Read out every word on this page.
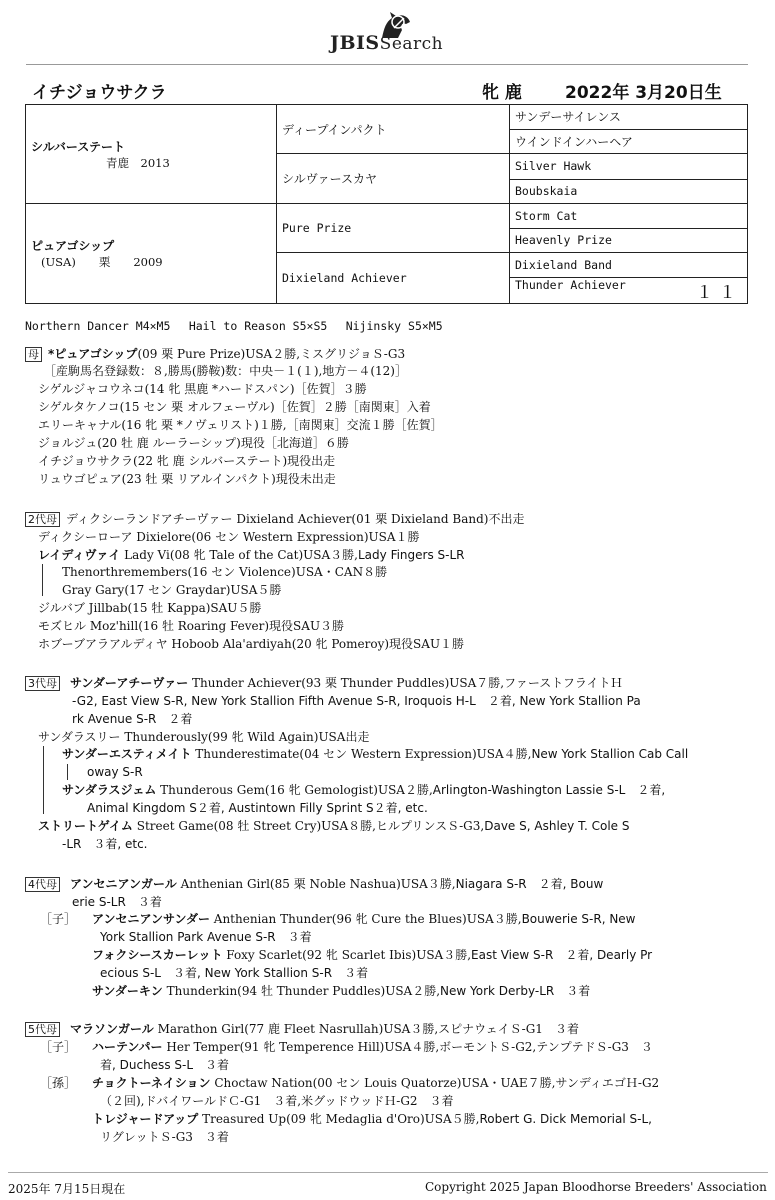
JBISSearch
イチジョウサクラ	牝 鹿	2022年 3月20日生
シルバーステート
青鹿　2013	ディープインパクト	サンデーサイレンス
		ウインドインハーヘア
	シルヴァースカヤ	Silver Hawk
		Boubskaia

ピュアゴシップ
(USA)　　栗　　2009	Pure Prize	Storm Cat
		Heavenly Prize
	Dixieland Achiever	Dixieland Band
		Thunder Achiever １１
Northern Dancer M4×M5　 Hail to Reason S5×S5　 Nijinsky S5×M5
母 *ピュアゴシップ(09 栗 Pure Prize)USA２勝,ミスグリジョＳ-G3
［産駒馬名登録数：８,勝馬(勝鞍)数：中央－１(１),地方－４(12)］
シゲルジャコウネコ(14 牝 黒鹿 *ハードスパン)［佐賀］３勝
シゲルタケノコ(15 セン 栗 オルフェーヴル)［佐賀］２勝［南関東］入着
エリーキャナル(16 牝 栗 *ノヴェリスト)１勝,［南関東］交流１勝［佐賀］
ジョルジュ(20 牡 鹿 ルーラーシップ)現役［北海道］６勝
イチジョウサクラ(22 牝 鹿 シルバーステート)現役出走
リュウゴピュア(23 牡 栗 リアルインパクト)現役未出走
2代母 ディクシーランドアチーヴァー Dixieland Achiever(01 栗 Dixieland Band)不出走
ディクシーローア Dixielore(06 セン Western Expression)USA１勝
レイディヴァイ Lady Vi(08 牝 Tale of the Cat)USA３勝,Lady Fingers S-LR
Thenorthremembers(16 セン Violence)USA・CAN８勝
Gray Gary(17 セン Graydar)USA５勝
ジルバブ Jillbab(15 牡 Kappa)SAU５勝
モズヒル Moz'hill(16 牡 Roaring Fever)現役SAU３勝
ホブーブアラアルディヤ Hoboob Ala'ardiyah(20 牝 Pomeroy)現役SAU１勝
3代母 サンダーアチーヴァー Thunder Achiever(93 栗 Thunder Puddles)USA７勝,ファーストフライトＨ
-G2, East View S-R, New York Stallion Fifth Avenue S-R, Iroquois H-L　２着, New York Stallion Pa
rk Avenue S-R　２着
サンダラスリー Thunderously(99 牝 Wild Again)USA出走
サンダーエスティメイト Thunderestimate(04 セン Western Expression)USA４勝,New York Stallion Cab Call
oway S-R
サンダラスジェム Thunderous Gem(16 牝 Gemologist)USA２勝,Arlington-Washington Lassie S-L　２着,
Animal Kingdom S２着, Austintown Filly Sprint S２着, etc.
ストリートゲイム Street Game(08 牡 Street Cry)USA８勝,ヒルプリンスＳ-G3,Dave S, Ashley T. Cole S
-LR　３着, etc.
4代母 アンセニアンガール Anthenian Girl(85 栗 Noble Nashua)USA３勝,Niagara S-R　２着, Bouw
erie S-LR　３着
［子］ アンセニアンサンダー Anthenian Thunder(96 牝 Cure the Blues)USA３勝,Bouwerie S-R, New
York Stallion Park Avenue S-R　３着
フォクシースカーレット Foxy Scarlet(92 牝 Scarlet Ibis)USA３勝,East View S-R　２着, Dearly Pr
ecious S-L　３着, New York Stallion S-R　３着
サンダーキン Thunderkin(94 牡 Thunder Puddles)USA２勝,New York Derby-LR　３着
5代母 マラソンガール Marathon Girl(77 鹿 Fleet Nasrullah)USA３勝,スピナウェイＳ-G1　３着
［子］ ハーテンパー Her Temper(91 牝 Temperence Hill)USA４勝,ボーモントＳ-G2,テンプテドＳ-G3　３
着, Duchess S-L　３着
［孫］ チョクトーネイション Choctaw Nation(00 セン Louis Quatorze)USA・UAE７勝,サンディエゴＨ-G2
（２回),ドバイワールドＣ-G1　３着,米グッドウッドＨ-G2　３着
トレジャードアップ Treasured Up(09 牝 Medaglia d'Oro)USA５勝,Robert G. Dick Memorial S-L,
リグレットＳ-G3　３着
2025年 7月15日現在	Copyright 2025 Japan Bloodhorse Breeders' Association
